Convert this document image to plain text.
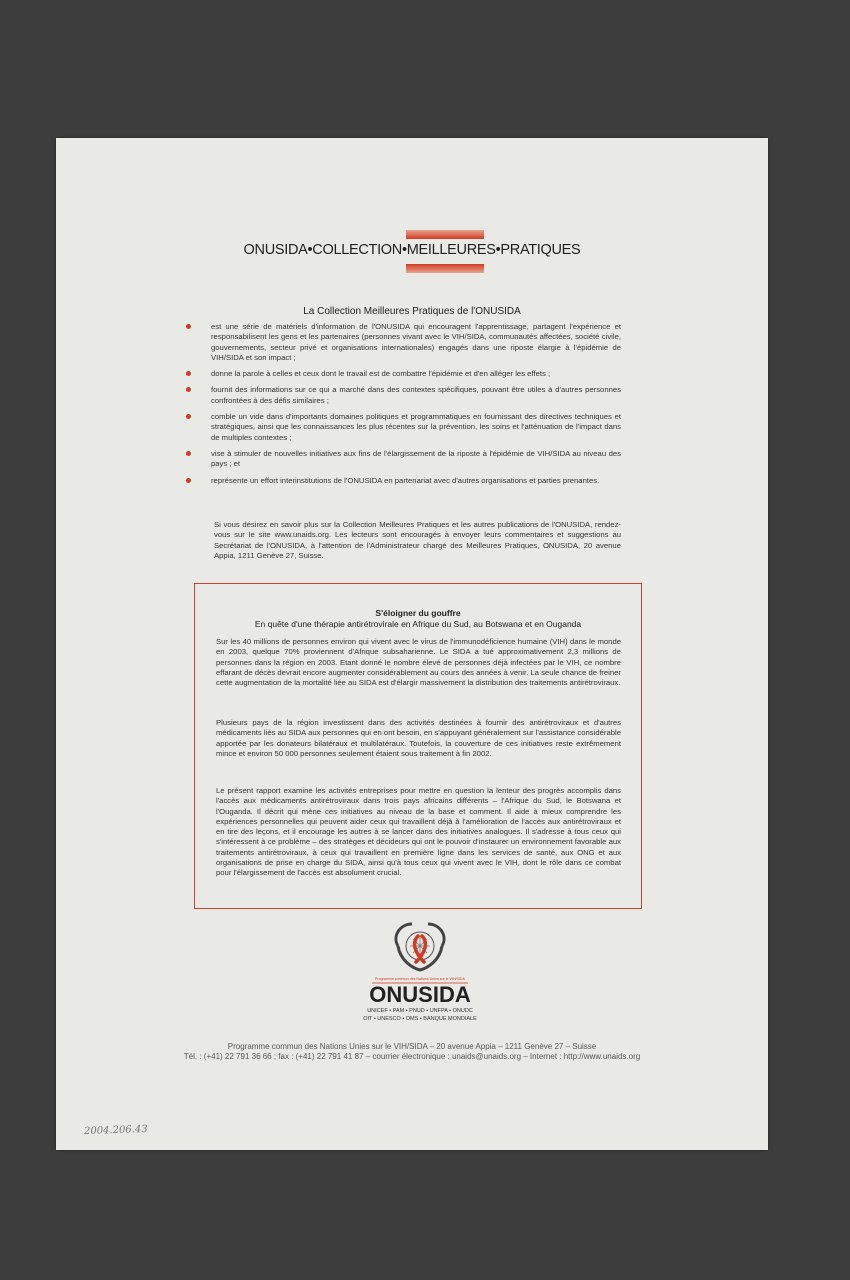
ONUSIDA•COLLECTION•MEILLEURES•PRATIQUES
La Collection Meilleures Pratiques de l'ONUSIDA
est une série de matériels d'information de l'ONUSIDA qui encouragent l'apprentissage, partagent l'expérience et responsabilisent les gens et les partenaires (personnes vivant avec le VIH/SIDA, communautés affectées, société civile, gouvernements, secteur privé et organisations internationales) engagés dans une riposte élargie à l'épidémie de VIH/SIDA et son impact ;
donne la parole à celles et ceux dont le travail est de combattre l'épidémie et d'en alléger les effets ;
fournit des informations sur ce qui a marché dans des contextes spécifiques, pouvant être utiles à d'autres personnes confrontées à des défis similaires ;
comble un vide dans d'importants domaines politiques et programmatiques en fournissant des directives techniques et stratégiques, ainsi que les connaissances les plus récentes sur la prévention, les soins et l'atténuation de l'impact dans de multiples contextes ;
vise à stimuler de nouvelles initiatives aux fins de l'élargissement de la riposte à l'épidémie de VIH/SIDA au niveau des pays ; et
représente un effort interinstitutions de l'ONUSIDA en partenariat avec d'autres organisations et parties prenantes.
Si vous désirez en savoir plus sur la Collection Meilleures Pratiques et les autres publications de l'ONUSIDA, rendez-vous sur le site www.unaids.org. Les lecteurs sont encouragés à envoyer leurs commentaires et suggestions au Secrétariat de l'ONUSIDA, à l'attention de l'Administrateur chargé des Meilleures Pratiques, ONUSIDA, 20 avenue Appia, 1211 Genève 27, Suisse.
S'éloigner du gouffre
En quête d'une thérapie antirétrovirale en Afrique du Sud, au Botswana et en Ouganda
Sur les 40 millions de personnes environ qui vivent avec le virus de l'immunodéficience humaine (VIH) dans le monde en 2003, quelque 70% proviennent d'Afrique subsaharienne. Le SIDA a tué approximativement 2,3 millions de personnes dans la région en 2003. Etant donné le nombre élevé de personnes déjà infectées par le VIH, ce nombre effarant de décès devrait encore augmenter considérablement au cours des années à venir. La seule chance de freiner cette augmentation de la mortalité liée au SIDA est d'élargir massivement la distribution des traitements antirétroviraux.
Plusieurs pays de la région investissent dans des activités destinées à fournir des antirétroviraux et d'autres médicaments liés au SIDA aux personnes qui en ont besoin, en s'appuyant généralement sur l'assistance considérable apportée par les donateurs bilatéraux et multilatéraux. Toutefois, la couverture de ces initiatives reste extrêmement mince et environ 50 000 personnes seulement étaient sous traitement à fin 2002.
Le présent rapport examine les activités entreprises pour mettre en question la lenteur des progrès accomplis dans l'accès aux médicaments antirétroviraux dans trois pays africains différents – l'Afrique du Sud, le Botswana et l'Ouganda. Il décrit qui mène ces initiatives au niveau de la base et comment. Il aide à mieux comprendre les expériences personnelles qui peuvent aider ceux qui travaillent déjà à l'amélioration de l'accès aux antirétroviraux et en tire des leçons, et il encourage les autres à se lancer dans des initiatives analogues. Il s'adresse à tous ceux qui s'intéressent à ce problème – des stratèges et décideurs qui ont le pouvoir d'instaurer un environnement favorable aux traitements antirétroviraux, à ceux qui travaillent en première ligne dans les services de santé, aux ONG et aux organisations de prise en charge du SIDA, ainsi qu'à tous ceux qui vivent avec le VIH, dont le rôle dans ce combat pour l'élargissement de l'accès est absolument crucial.
Programme commun des Nations Unies sur le VIH/SIDA
ONUSIDA
UNICEF • PAM • PNUD • UNFPA • ONUDC
OIT • UNESCO • OMS • BANQUE MONDIALE
Programme commun des Nations Unies sur le VIH/SIDA – 20 avenue Appia – 1211 Genève 27 – Suisse
Tél. : (+41) 22 791 36 66 ; fax : (+41) 22 791 41 87 – courrier électronique : unaids@unaids.org – Internet : http://www.unaids.org
2004.206.43
